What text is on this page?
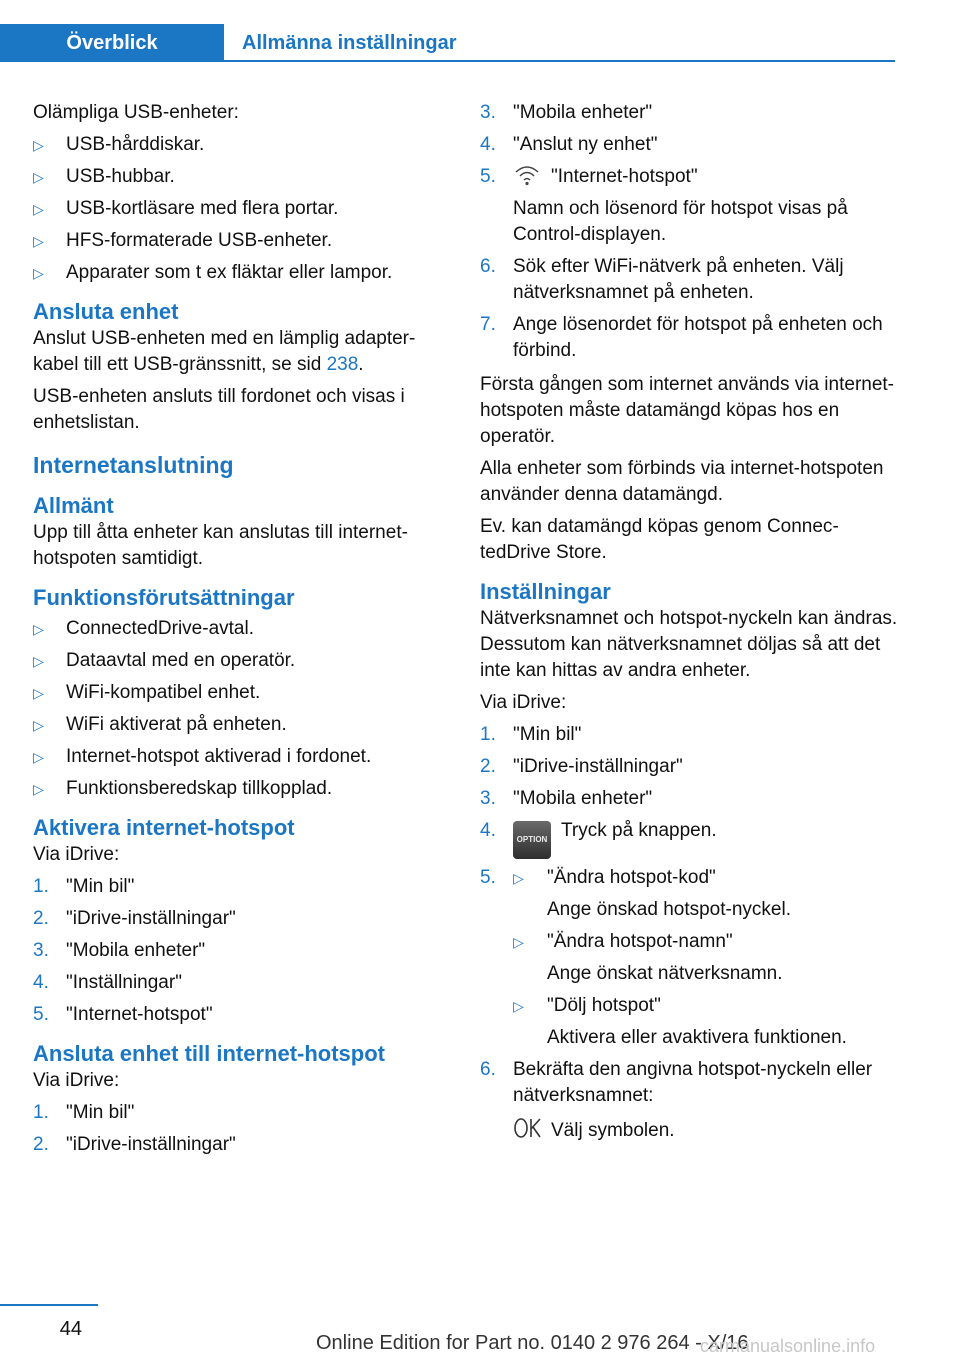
Överblick	Allmänna inställningar
Olämpliga USB-enheter:
▷ USB-hårddiskar.
▷ USB-hubbar.
▷ USB-kortläsare med flera portar.
▷ HFS-formaterade USB-enheter.
▷ Apparater som t ex fläktar eller lampor.
Ansluta enhet
Anslut USB-enheten med en lämplig adapterkabel till ett USB-gränssnitt, se sid 238.
USB-enheten ansluts till fordonet och visas i enhetslistan.
Internetanslutning
Allmänt
Upp till åtta enheter kan anslutas till internethotspoten samtidigt.
Funktionsförutsättningar
▷ ConnectedDrive-avtal.
▷ Dataavtal med en operatör.
▷ WiFi-kompatibel enhet.
▷ WiFi aktiverat på enheten.
▷ Internet-hotspot aktiverad i fordonet.
▷ Funktionsberedskap tillkopplad.
Aktivera internet-hotspot
Via iDrive:
1. "Min bil"
2. "iDrive-inställningar"
3. "Mobila enheter"
4. "Inställningar"
5. "Internet-hotspot"
Ansluta enhet till internet-hotspot
Via iDrive:
1. "Min bil"
2. "iDrive-inställningar"
3. "Mobila enheter"
4. "Anslut ny enhet"
5.	"Internet-hotspot"
Namn och lösenord för hotspot visas på Control-displayen.
6. Sök efter WiFi-nätverk på enheten. Välj nätverksnamnet på enheten.
7. Ange lösenordet för hotspot på enheten och förbind.
Första gången som internet används via internet-hotspoten måste datamängd köpas hos en operatör.
Alla enheter som förbinds via internet-hotspoten använder denna datamängd.
Ev. kan datamängd köpas genom ConnectedDrive Store.
Inställningar
Nätverksnamnet och hotspot-nyckeln kan ändras. Dessutom kan nätverksnamnet döljas så att det inte kan hittas av andra enheter.
Via iDrive:
1. "Min bil"
2. "iDrive-inställningar"
3. "Mobila enheter"
4.	OPTION Tryck på knappen.
5.	▷ "Ändra hotspot-kod"
Ange önskad hotspot-nyckel.
▷ "Ändra hotspot-namn"
Ange önskat nätverksnamn.
▷ "Dölj hotspot"
Aktivera eller avaktivera funktionen.
6. Bekräfta den angivna hotspot-nyckeln eller nätverksnamnet:
Välj symbolen.
44
Online Edition for Part no. 0140 2 976 264 - X/16
carmanualsonline.info
